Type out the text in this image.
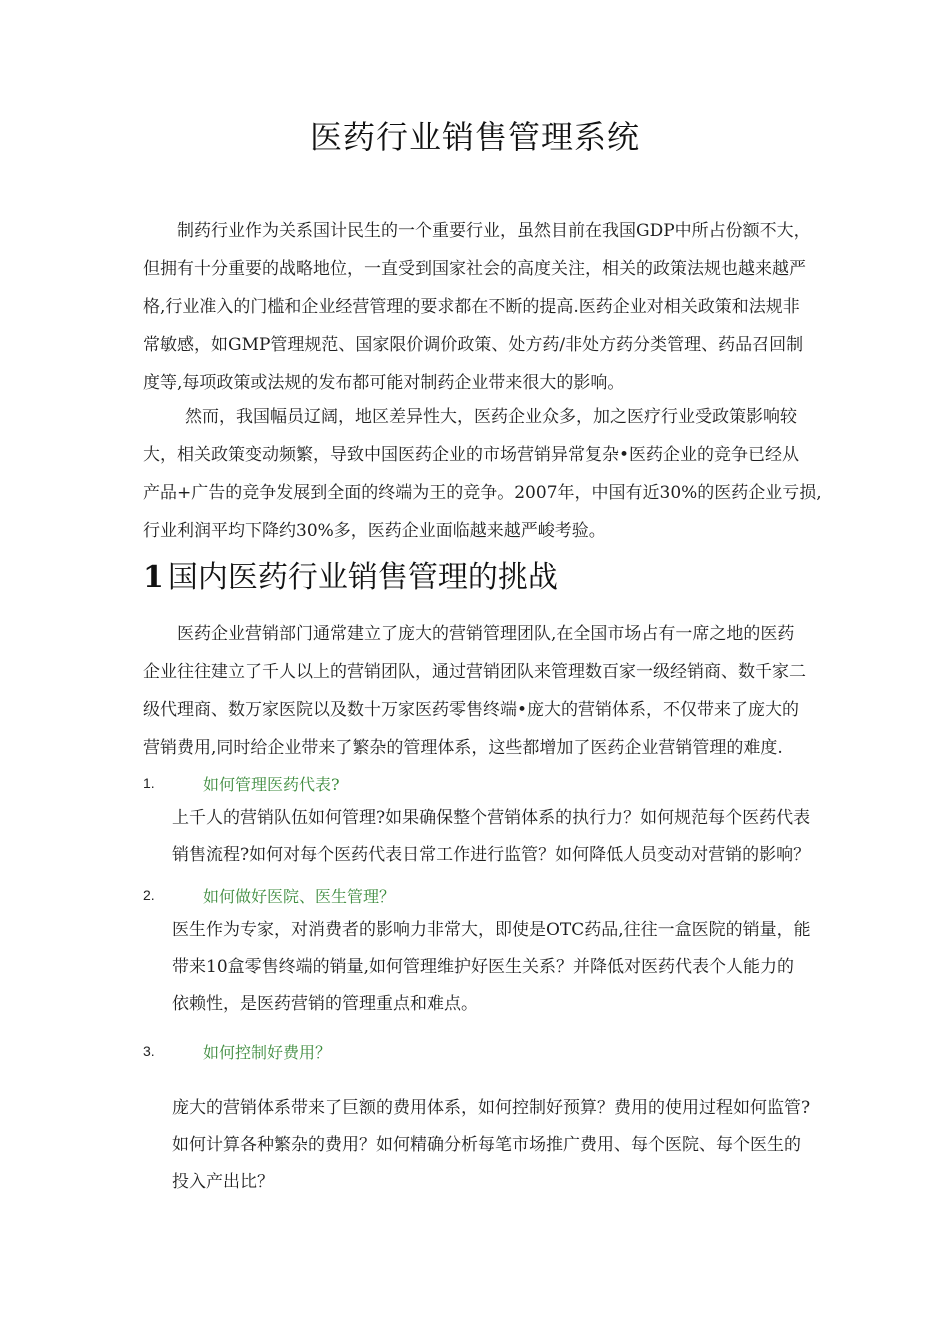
医药行业销售管理系统

制药行业作为关系国计民生的一个重要行业，虽然目前在我国GDP中所占份额不大，
但拥有十分重要的战略地位，一直受到国家社会的高度关注，相关的政策法规也越来越严
格,行业准入的门槛和企业经营管理的要求都在不断的提高.医药企业对相关政策和法规非
常敏感，如GMP管理规范、国家限价调价政策、处方药/非处方药分类管理、药品召回制
度等,每项政策或法规的发布都可能对制药企业带来很大的影响。

然而，我国幅员辽阔，地区差异性大，医药企业众多，加之医疗行业受政策影响较
大，相关政策变动频繁，导致中国医药企业的市场营销异常复杂•医药企业的竞争已经从
产品+广告的竞争发展到全面的终端为王的竞争。2007年，中国有近30%的医药企业亏损,
行业利润平均下降约30%多，医药企业面临越来越严峻考验。

1 国内医药行业销售管理的挑战

医药企业营销部门通常建立了庞大的营销管理团队,在全国市场占有一席之地的医药
企业往往建立了千人以上的营销团队，通过营销团队来管理数百家一级经销商、数千家二
级代理商、数万家医院以及数十万家医药零售终端•庞大的营销体系，不仅带来了庞大的
营销费用,同时给企业带来了繁杂的管理体系，这些都增加了医药企业营销管理的难度.

1.	如何管理医药代表?

上千人的营销队伍如何管理?如果确保整个营销体系的执行力？如何规范每个医药代表
销售流程?如何对每个医药代表日常工作进行监管？如何降低人员变动对营销的影响？

2.	如何做好医院、医生管理？

医生作为专家，对消费者的影响力非常大，即使是OTC药品,往往一盒医院的销量，能
带来10盒零售终端的销量,如何管理维护好医生关系？并降低对医药代表个人能力的
依赖性，是医药营销的管理重点和难点。

3.	如何控制好费用？

庞大的营销体系带来了巨额的费用体系，如何控制好预算？费用的使用过程如何监管?
如何计算各种繁杂的费用？如何精确分析每笔市场推广费用、每个医院、每个医生的
投入产出比？
